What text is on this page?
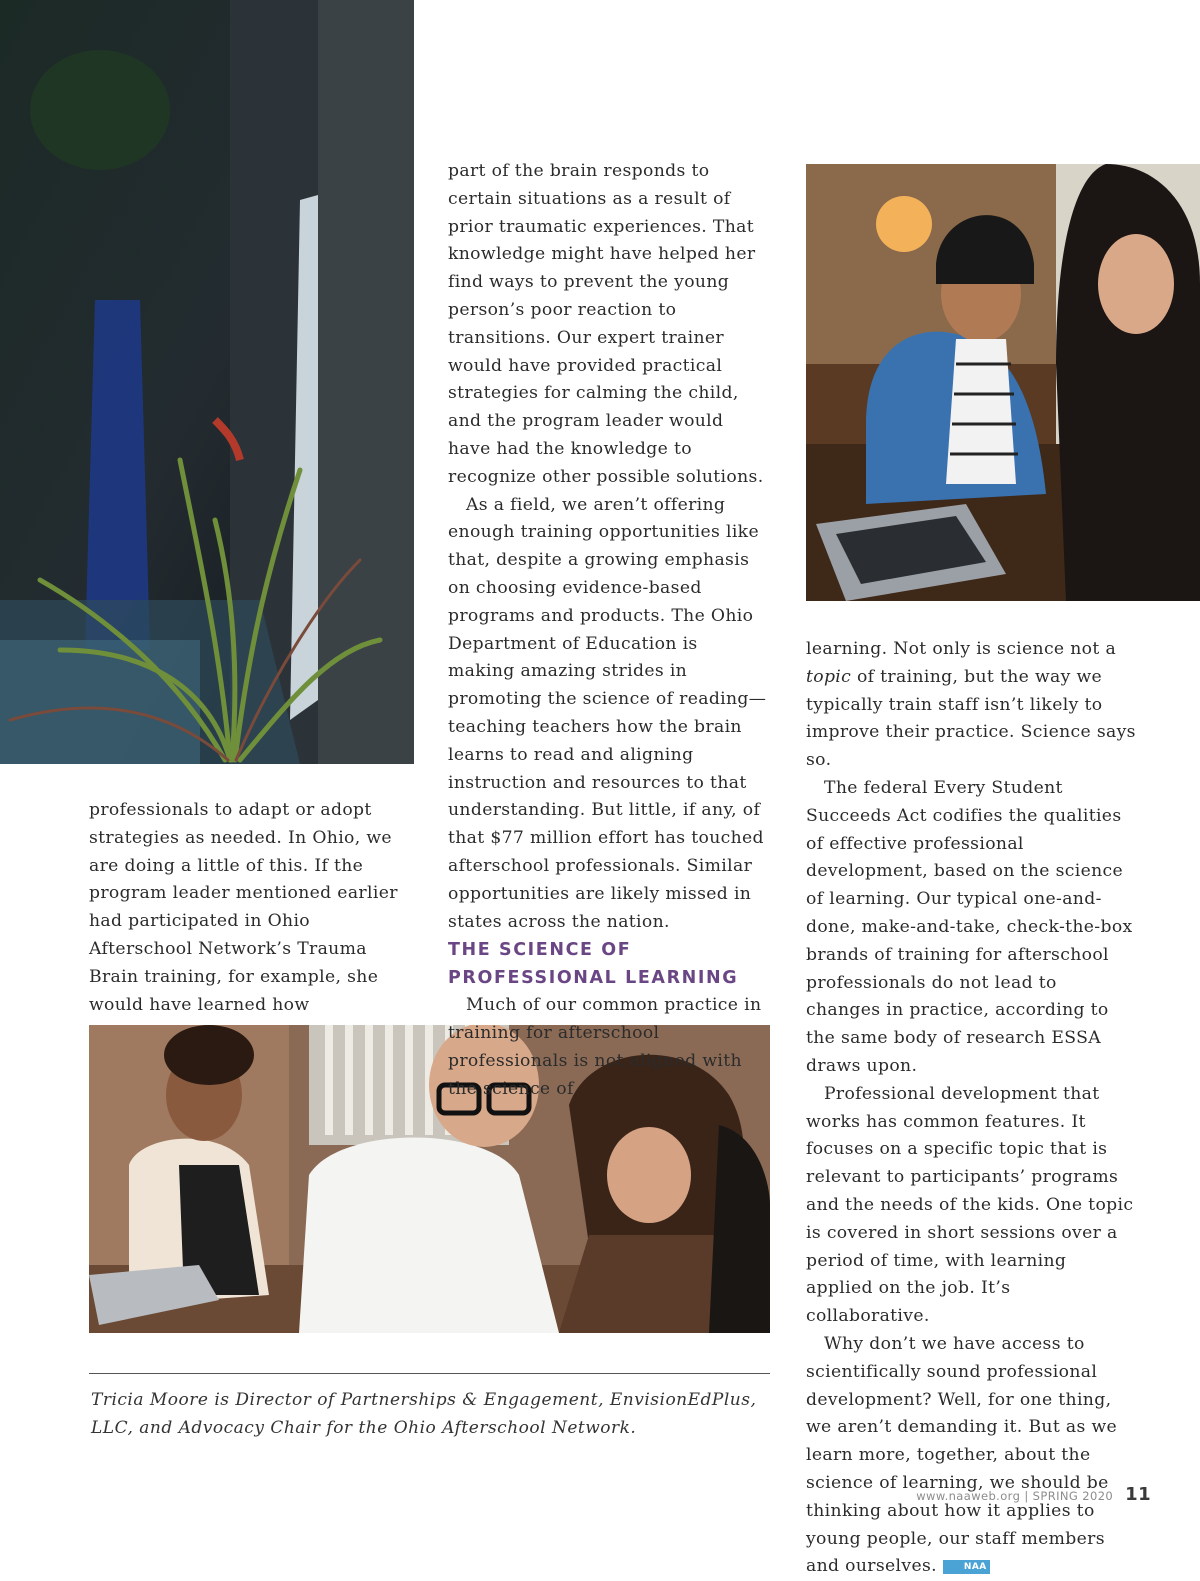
professionals to adapt or adopt strategies as needed. In Ohio, we are doing a little of this. If the program leader mentioned earlier had participated in Ohio Afterschool Network’s Trauma Brain training, for example, she would have learned how

part of the brain responds to certain situations as a result of prior traumatic experiences. That knowledge might have helped her find ways to prevent the young person’s poor reaction to transitions. Our expert trainer would have provided practical strategies for calming the child, and the program leader would have had the knowledge to recognize other possible solutions.

As a field, we aren’t offering enough training opportunities like that, despite a growing emphasis on choosing evidence-based programs and products. The Ohio Department of Education is making amazing strides in promoting the science of reading—teaching teachers how the brain learns to read and aligning instruction and resources to that understanding. But little, if any, of that $77 million effort has touched afterschool professionals. Similar opportunities are likely missed in states across the nation.

THE SCIENCE OF PROFESSIONAL LEARNING

Much of our common practice in training for afterschool professionals is not aligned with the science of

learning. Not only is science not a topic of training, but the way we typically train staff isn’t likely to improve their practice. Science says so.

The federal Every Student Succeeds Act codifies the qualities of effective professional development, based on the science of learning. Our typical one-and-done, make-and-take, check-the-box brands of training for afterschool professionals do not lead to changes in practice, according to the same body of research ESSA draws upon.

Professional development that works has common features. It focuses on a specific topic that is relevant to participants’ programs and the needs of the kids. One topic is covered in short sessions over a period of time, with learning applied on the job. It’s collaborative.

Why don’t we have access to scientifically sound professional development? Well, for one thing, we aren’t demanding it. But as we learn more, together, about the science of learning, we should be thinking about how it applies to young people, our staff members and ourselves.	NAA

Tricia Moore is Director of Partnerships & Engagement, EnvisionEdPlus, LLC, and Advocacy Chair for the Ohio Afterschool Network.

www.naaweb.org | SPRING 2020 11
